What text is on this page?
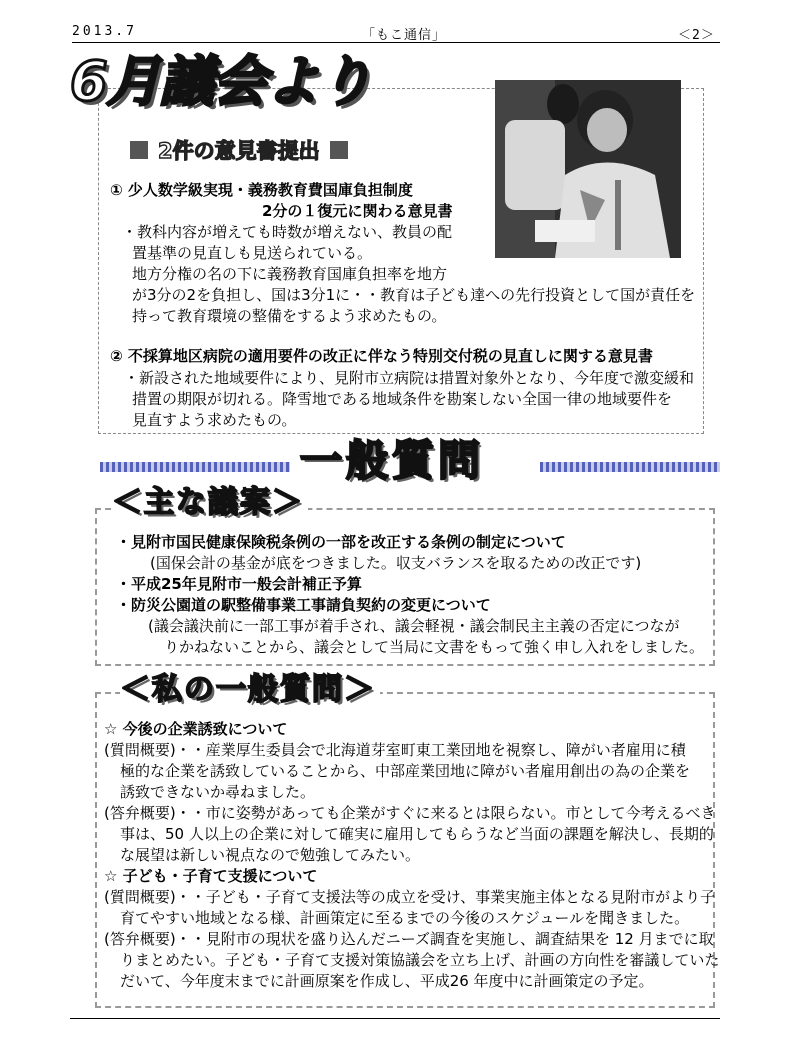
2013.7	「もこ通信」	＜2＞
6月議会より
2件の意見書提出
① 少人数学級実現・義務教育費国庫負担制度
2分の１復元に関わる意見書
・教科内容が増えても時数が増えない、教員の配
置基準の見直しも見送られている。
地方分権の名の下に義務教育国庫負担率を地方
が3分の2を負担し、国は3分1に・・教育は子ども達への先行投資として国が責任を
持って教育環境の整備をするよう求めたもの。
② 不採算地区病院の適用要件の改正に伴なう特別交付税の見直しに関する意見書
・新設された地域要件により、見附市立病院は措置対象外となり、今年度で激変緩和
措置の期限が切れる。降雪地である地域条件を勘案しない全国一律の地域要件を
見直すよう求めたもの。
一般質問
＜主な議案＞
・見附市国民健康保険税条例の一部を改正する条例の制定について
(国保会計の基金が底をつきました。収支バランスを取るための改正です)
・平成25年見附市一般会計補正予算
・防災公園道の駅整備事業工事請負契約の変更について
(議会議決前に一部工事が着手され、議会軽視・議会制民主主義の否定につなが
りかねないことから、議会として当局に文書をもって強く申し入れをしました。
＜私の一般質問＞
☆ 今後の企業誘致について
(質問概要)・・産業厚生委員会で北海道芽室町東工業団地を視察し、障がい者雇用に積
極的な企業を誘致していることから、中部産業団地に障がい者雇用創出の為の企業を
誘致できないか尋ねました。
(答弁概要)・・市に姿勢があっても企業がすぐに来るとは限らない。市として今考えるべき
事は、50 人以上の企業に対して確実に雇用してもらうなど当面の課題を解決し、長期的
な展望は新しい視点なので勉強してみたい。
☆ 子ども・子育て支援について
(質問概要)・・子ども・子育て支援法等の成立を受け、事業実施主体となる見附市がより子
育てやすい地域となる様、計画策定に至るまでの今後のスケジュールを聞きました。
(答弁概要)・・見附市の現状を盛り込んだニーズ調査を実施し、調査結果を 12 月までに取
りまとめたい。子ども・子育て支援対策協議会を立ち上げ、計画の方向性を審議していた
だいて、今年度末までに計画原案を作成し、平成26 年度中に計画策定の予定。
